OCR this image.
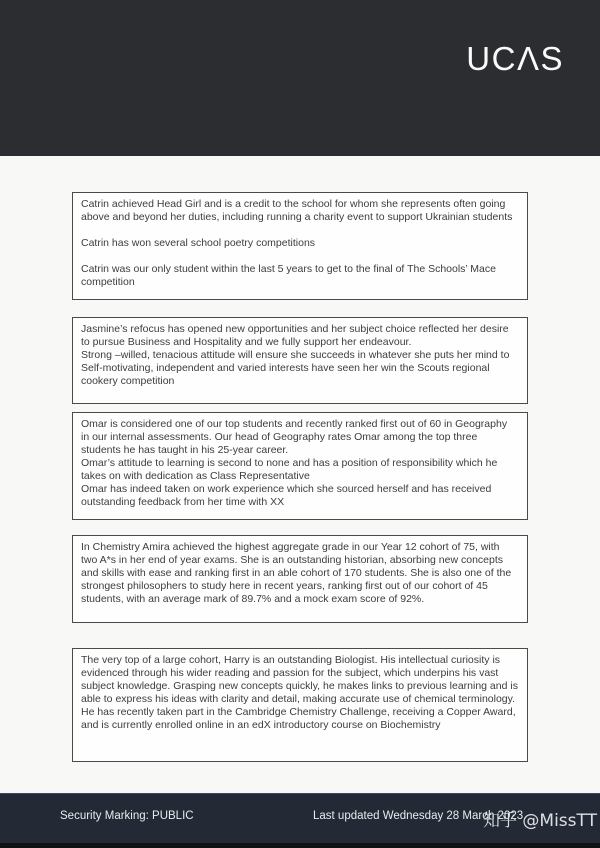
UCΛS

Catrin achieved Head Girl and is a credit to the school for whom she represents often going above and beyond her duties, including running a charity event to support Ukrainian students

Catrin has won several school poetry competitions

Catrin was our only student within the last 5 years to get to the final of The Schools’ Mace competition

Jasmine’s refocus has opened new opportunities and her subject choice reflected her desire to pursue Business and Hospitality and we fully support her endeavour.

Strong –willed, tenacious attitude will ensure she succeeds in whatever she puts her mind to

Self-motivating, independent and varied interests have seen her win the Scouts regional cookery competition

Omar is considered one of our top students and recently ranked first out of 60 in Geography in our internal assessments. Our head of Geography rates Omar among the top three students he has taught in his 25-year career.

Omar’s attitude to learning is second to none and has a position of responsibility which he takes on with dedication as Class Representative

Omar has indeed taken on work experience which she sourced herself and has received outstanding feedback from her time with XX

In Chemistry Amira achieved the highest aggregate grade in our Year 12 cohort of 75, with two A*s in her end of year exams. She is an outstanding historian, absorbing new concepts and skills with ease and ranking first in an able cohort of 170 students. She is also one of the strongest philosophers to study here in recent years, ranking first out of our cohort of 45 students, with an average mark of 89.7% and a mock exam score of 92%.

The very top of a large cohort, Harry is an outstanding Biologist. His intellectual curiosity is evidenced through his wider reading and passion for the subject, which underpins his vast subject knowledge. Grasping new concepts quickly, he makes links to previous learning and is able to express his ideas with clarity and detail, making accurate use of chemical terminology. He has recently taken part in the Cambridge Chemistry Challenge, receiving a Copper Award, and is currently enrolled online in an edX introductory course on Biochemistry

Security Marking: PUBLIC	Last updated Wednesday 28 March 2023
知乎 @MissTT
